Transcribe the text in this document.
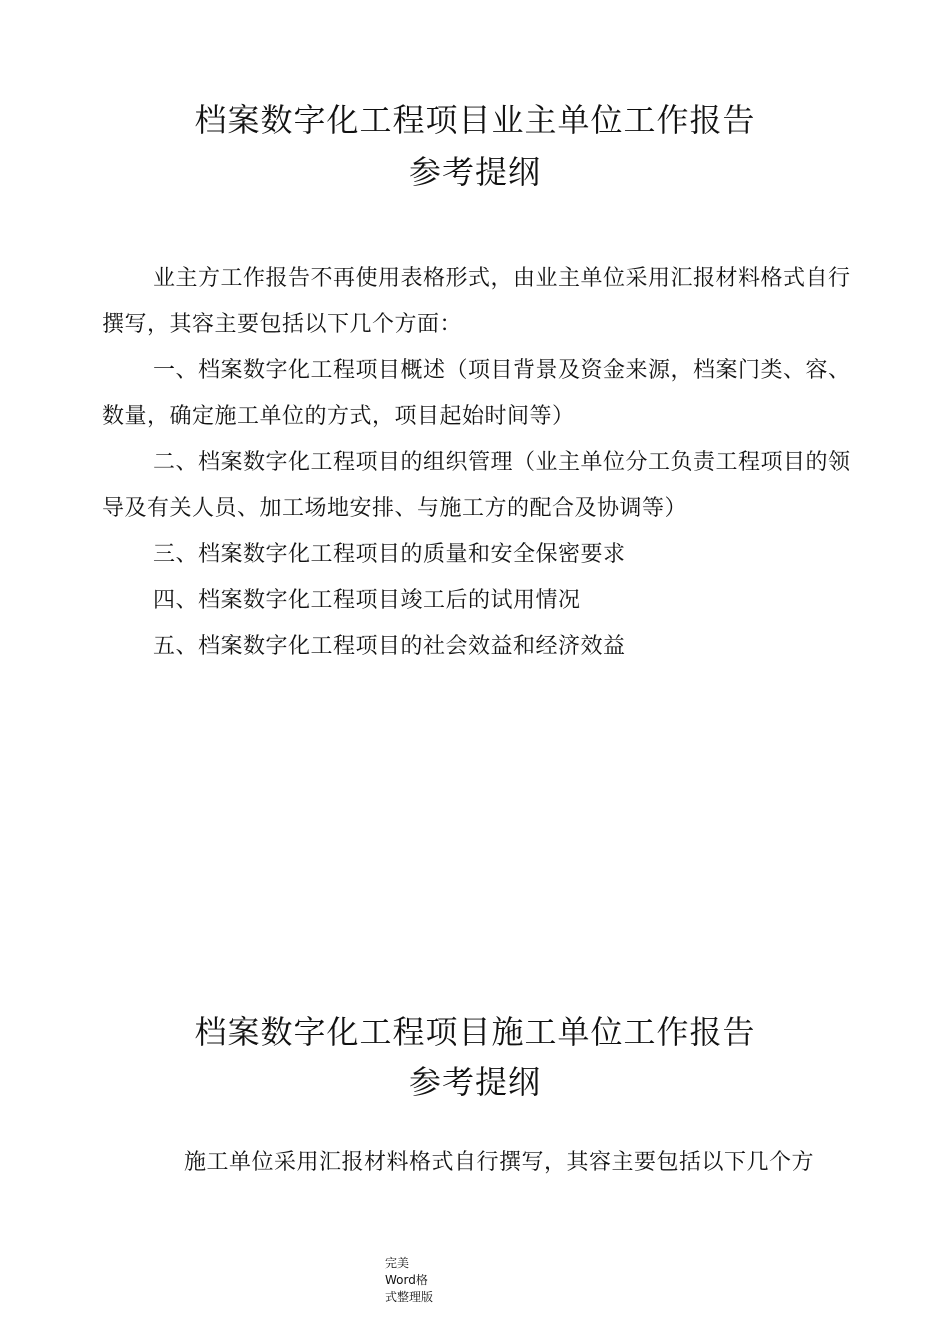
档案数字化工程项目业主单位工作报告
参考提纲
业主方工作报告不再使用表格形式，由业主单位采用汇报材料格式自行撰写，其容主要包括以下几个方面：
一、档案数字化工程项目概述（项目背景及资金来源，档案门类、容、数量，确定施工单位的方式，项目起始时间等）
二、档案数字化工程项目的组织管理（业主单位分工负责工程项目的领导及有关人员、加工场地安排、与施工方的配合及协调等）
三、档案数字化工程项目的质量和安全保密要求
四、档案数字化工程项目竣工后的试用情况
五、档案数字化工程项目的社会效益和经济效益
档案数字化工程项目施工单位工作报告
参考提纲
施工单位采用汇报材料格式自行撰写，其容主要包括以下几个方
完美Word格式整理版
